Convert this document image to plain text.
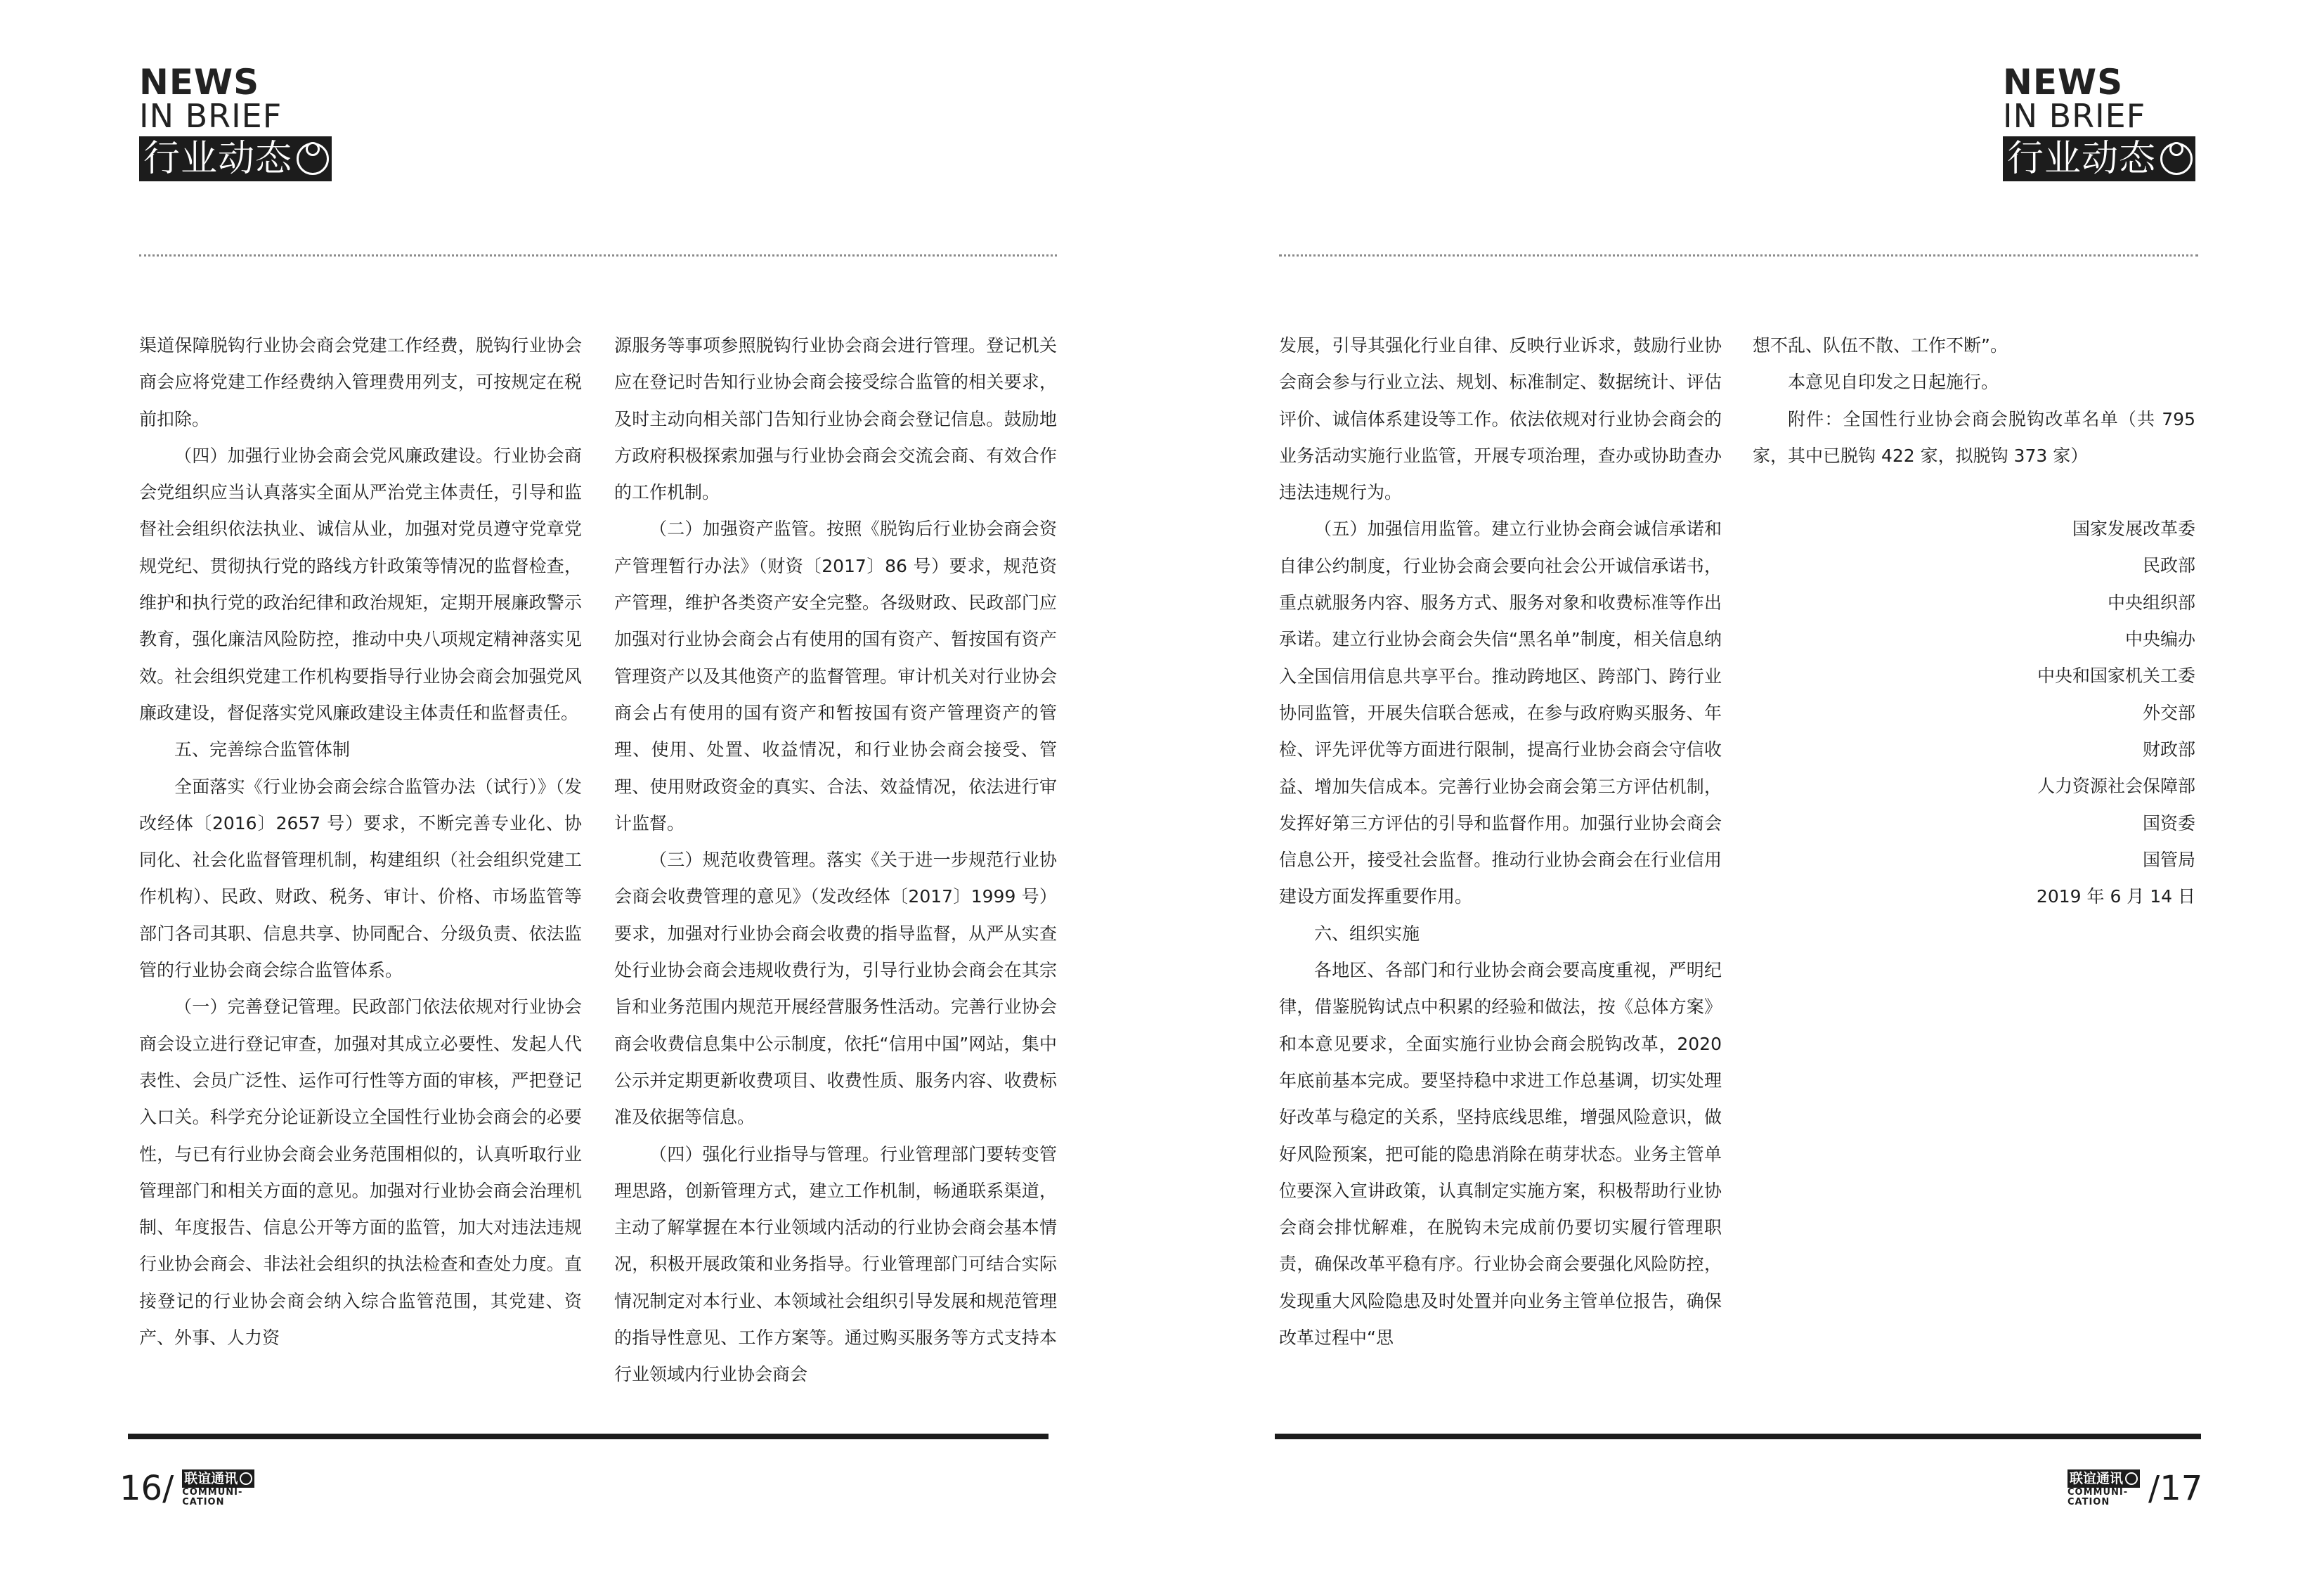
NEWS
IN BRIEF
行业动态

渠道保障脱钩行业协会商会党建工作经费，脱钩行业协会商会应将党建工作经费纳入管理费用列支，可按规定在税前扣除。

（四）加强行业协会商会党风廉政建设。行业协会商会党组织应当认真落实全面从严治党主体责任，引导和监督社会组织依法执业、诚信从业，加强对党员遵守党章党规党纪、贯彻执行党的路线方针政策等情况的监督检查，维护和执行党的政治纪律和政治规矩，定期开展廉政警示教育，强化廉洁风险防控，推动中央八项规定精神落实见效。社会组织党建工作机构要指导行业协会商会加强党风廉政建设，督促落实党风廉政建设主体责任和监督责任。

五、完善综合监管体制

全面落实《行业协会商会综合监管办法（试行）》（发改经体〔2016〕2657 号）要求，不断完善专业化、协同化、社会化监督管理机制，构建组织（社会组织党建工作机构）、民政、财政、税务、审计、价格、市场监管等部门各司其职、信息共享、协同配合、分级负责、依法监管的行业协会商会综合监管体系。

（一）完善登记管理。民政部门依法依规对行业协会商会设立进行登记审查，加强对其成立必要性、发起人代表性、会员广泛性、运作可行性等方面的审核，严把登记入口关。科学充分论证新设立全国性行业协会商会的必要性，与已有行业协会商会业务范围相似的，认真听取行业管理部门和相关方面的意见。加强对行业协会商会治理机制、年度报告、信息公开等方面的监管，加大对违法违规行业协会商会、非法社会组织的执法检查和查处力度。直接登记的行业协会商会纳入综合监管范围，其党建、资产、外事、人力资

源服务等事项参照脱钩行业协会商会进行管理。登记机关应在登记时告知行业协会商会接受综合监管的相关要求，及时主动向相关部门告知行业协会商会登记信息。鼓励地方政府积极探索加强与行业协会商会交流会商、有效合作的工作机制。

（二）加强资产监管。按照《脱钩后行业协会商会资产管理暂行办法》（财资〔2017〕86 号）要求，规范资产管理，维护各类资产安全完整。各级财政、民政部门应加强对行业协会商会占有使用的国有资产、暂按国有资产管理资产以及其他资产的监督管理。审计机关对行业协会商会占有使用的国有资产和暂按国有资产管理资产的管理、使用、处置、收益情况，和行业协会商会接受、管理、使用财政资金的真实、合法、效益情况，依法进行审计监督。

（三）规范收费管理。落实《关于进一步规范行业协会商会收费管理的意见》（发改经体〔2017〕1999 号）要求，加强对行业协会商会收费的指导监督，从严从实查处行业协会商会违规收费行为，引导行业协会商会在其宗旨和业务范围内规范开展经营服务性活动。完善行业协会商会收费信息集中公示制度，依托“信用中国”网站，集中公示并定期更新收费项目、收费性质、服务内容、收费标准及依据等信息。

（四）强化行业指导与管理。行业管理部门要转变管理思路，创新管理方式，建立工作机制，畅通联系渠道，主动了解掌握在本行业领域内活动的行业协会商会基本情况，积极开展政策和业务指导。行业管理部门可结合实际情况制定对本行业、本领域社会组织引导发展和规范管理的指导性意见、工作方案等。通过购买服务等方式支持本行业领域内行业协会商会

16 / 联谊通讯
COMMUNI-
CATION
NEWS
IN BRIEF
行业动态

发展，引导其强化行业自律、反映行业诉求，鼓励行业协会商会参与行业立法、规划、标准制定、数据统计、评估评价、诚信体系建设等工作。依法依规对行业协会商会的业务活动实施行业监管，开展专项治理，查办或协助查办违法违规行为。

（五）加强信用监管。建立行业协会商会诚信承诺和自律公约制度，行业协会商会要向社会公开诚信承诺书，重点就服务内容、服务方式、服务对象和收费标准等作出承诺。建立行业协会商会失信“黑名单”制度，相关信息纳入全国信用信息共享平台。推动跨地区、跨部门、跨行业协同监管，开展失信联合惩戒，在参与政府购买服务、年检、评先评优等方面进行限制，提高行业协会商会守信收益、增加失信成本。完善行业协会商会第三方评估机制，发挥好第三方评估的引导和监督作用。加强行业协会商会信息公开，接受社会监督。推动行业协会商会在行业信用建设方面发挥重要作用。

六、组织实施

各地区、各部门和行业协会商会要高度重视，严明纪律，借鉴脱钩试点中积累的经验和做法，按《总体方案》和本意见要求，全面实施行业协会商会脱钩改革，2020 年底前基本完成。要坚持稳中求进工作总基调，切实处理好改革与稳定的关系，坚持底线思维，增强风险意识，做好风险预案，把可能的隐患消除在萌芽状态。业务主管单位要深入宣讲政策，认真制定实施方案，积极帮助行业协会商会排忧解难，在脱钩未完成前仍要切实履行管理职责，确保改革平稳有序。行业协会商会要强化风险防控，发现重大风险隐患及时处置并向业务主管单位报告，确保改革过程中“思

想不乱、队伍不散、工作不断”。

本意见自印发之日起施行。

附件：全国性行业协会商会脱钩改革名单（共 795 家，其中已脱钩 422 家，拟脱钩 373 家）

国家发展改革委

民政部

中央组织部

中央编办

中央和国家机关工委

外交部

财政部

人力资源社会保障部

国资委

国管局

2019 年 6 月 14 日

联谊通讯
COMMUNI-
CATION	/ 17
